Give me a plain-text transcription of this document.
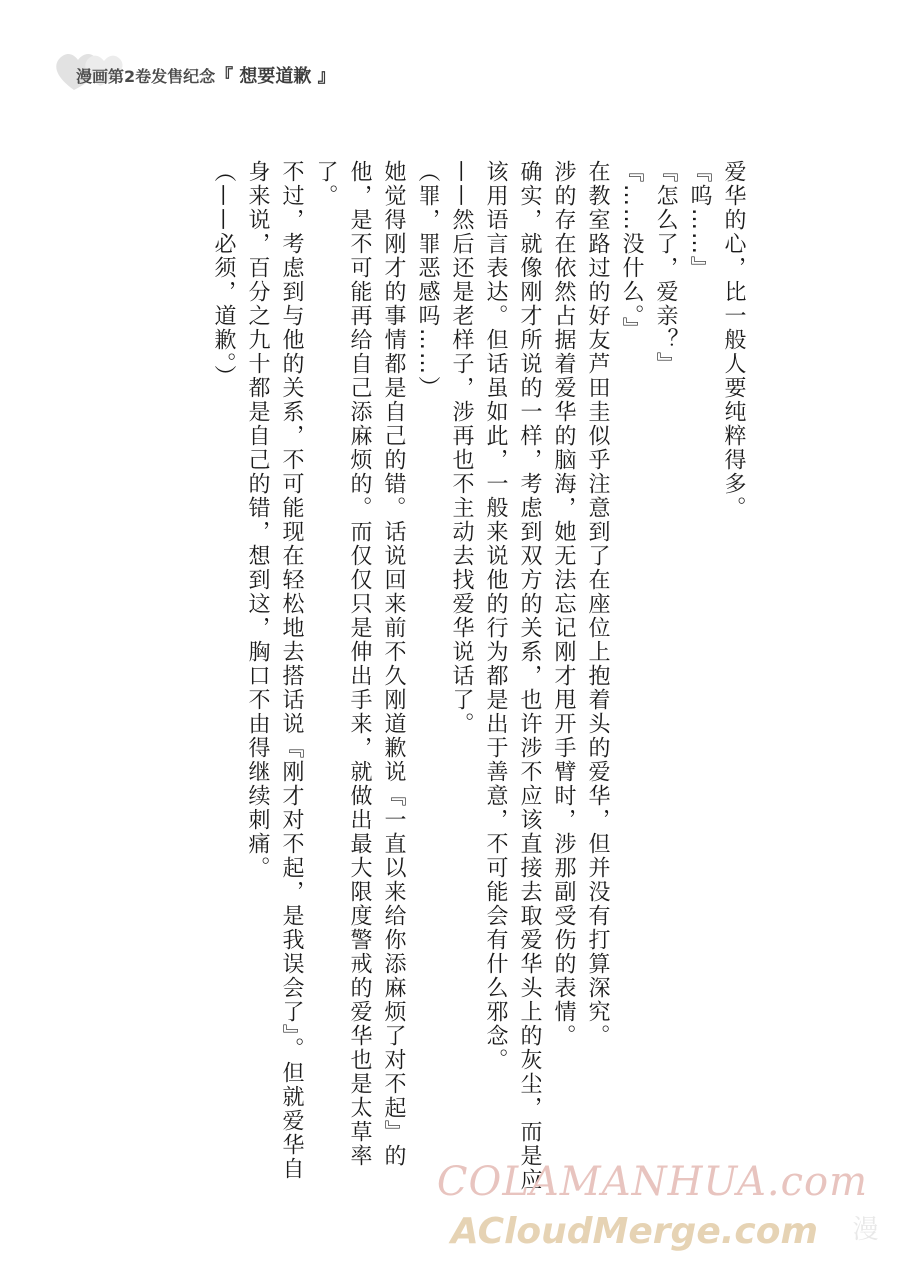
漫画第2卷发售纪念『 想要道歉 』

爱华的心，比一般人要纯粹得多。

『呜……』

『怎么了，爱亲？』

『……没什么。』

在教室路过的好友芦田圭似乎注意到了在座位上抱着头的爱华，但并没有打算深究。

涉的存在依然占据着爱华的脑海，她无法忘记刚才甩开手臂时，涉那副受伤的表情。

确实，就像刚才所说的一样，考虑到双方的关系，也许涉不应该直接去取爱华头上的灰尘，而是应该用语言表达。但话虽如此，一般来说他的行为都是出于善意，不可能会有什么邪念。

——然后还是老样子，涉再也不主动去找爱华说话了。

（罪，罪恶感吗……）

她觉得刚才的事情都是自己的错。话说回来前不久刚道歉说『一直以来给你添麻烦了对不起』的他，是不可能再给自己添麻烦的。而仅仅只是伸出手来，就做出最大限度警戒的爱华也是太草率了。

不过，考虑到与他的关系，不可能现在轻松地去搭话说『刚才对不起，是我误会了』。但就爱华自身来说，百分之九十都是自己的错，想到这，胸口不由得继续刺痛。

（——必须，道歉。）

COLAMANHUA.com
ACloudMerge.com 漫
